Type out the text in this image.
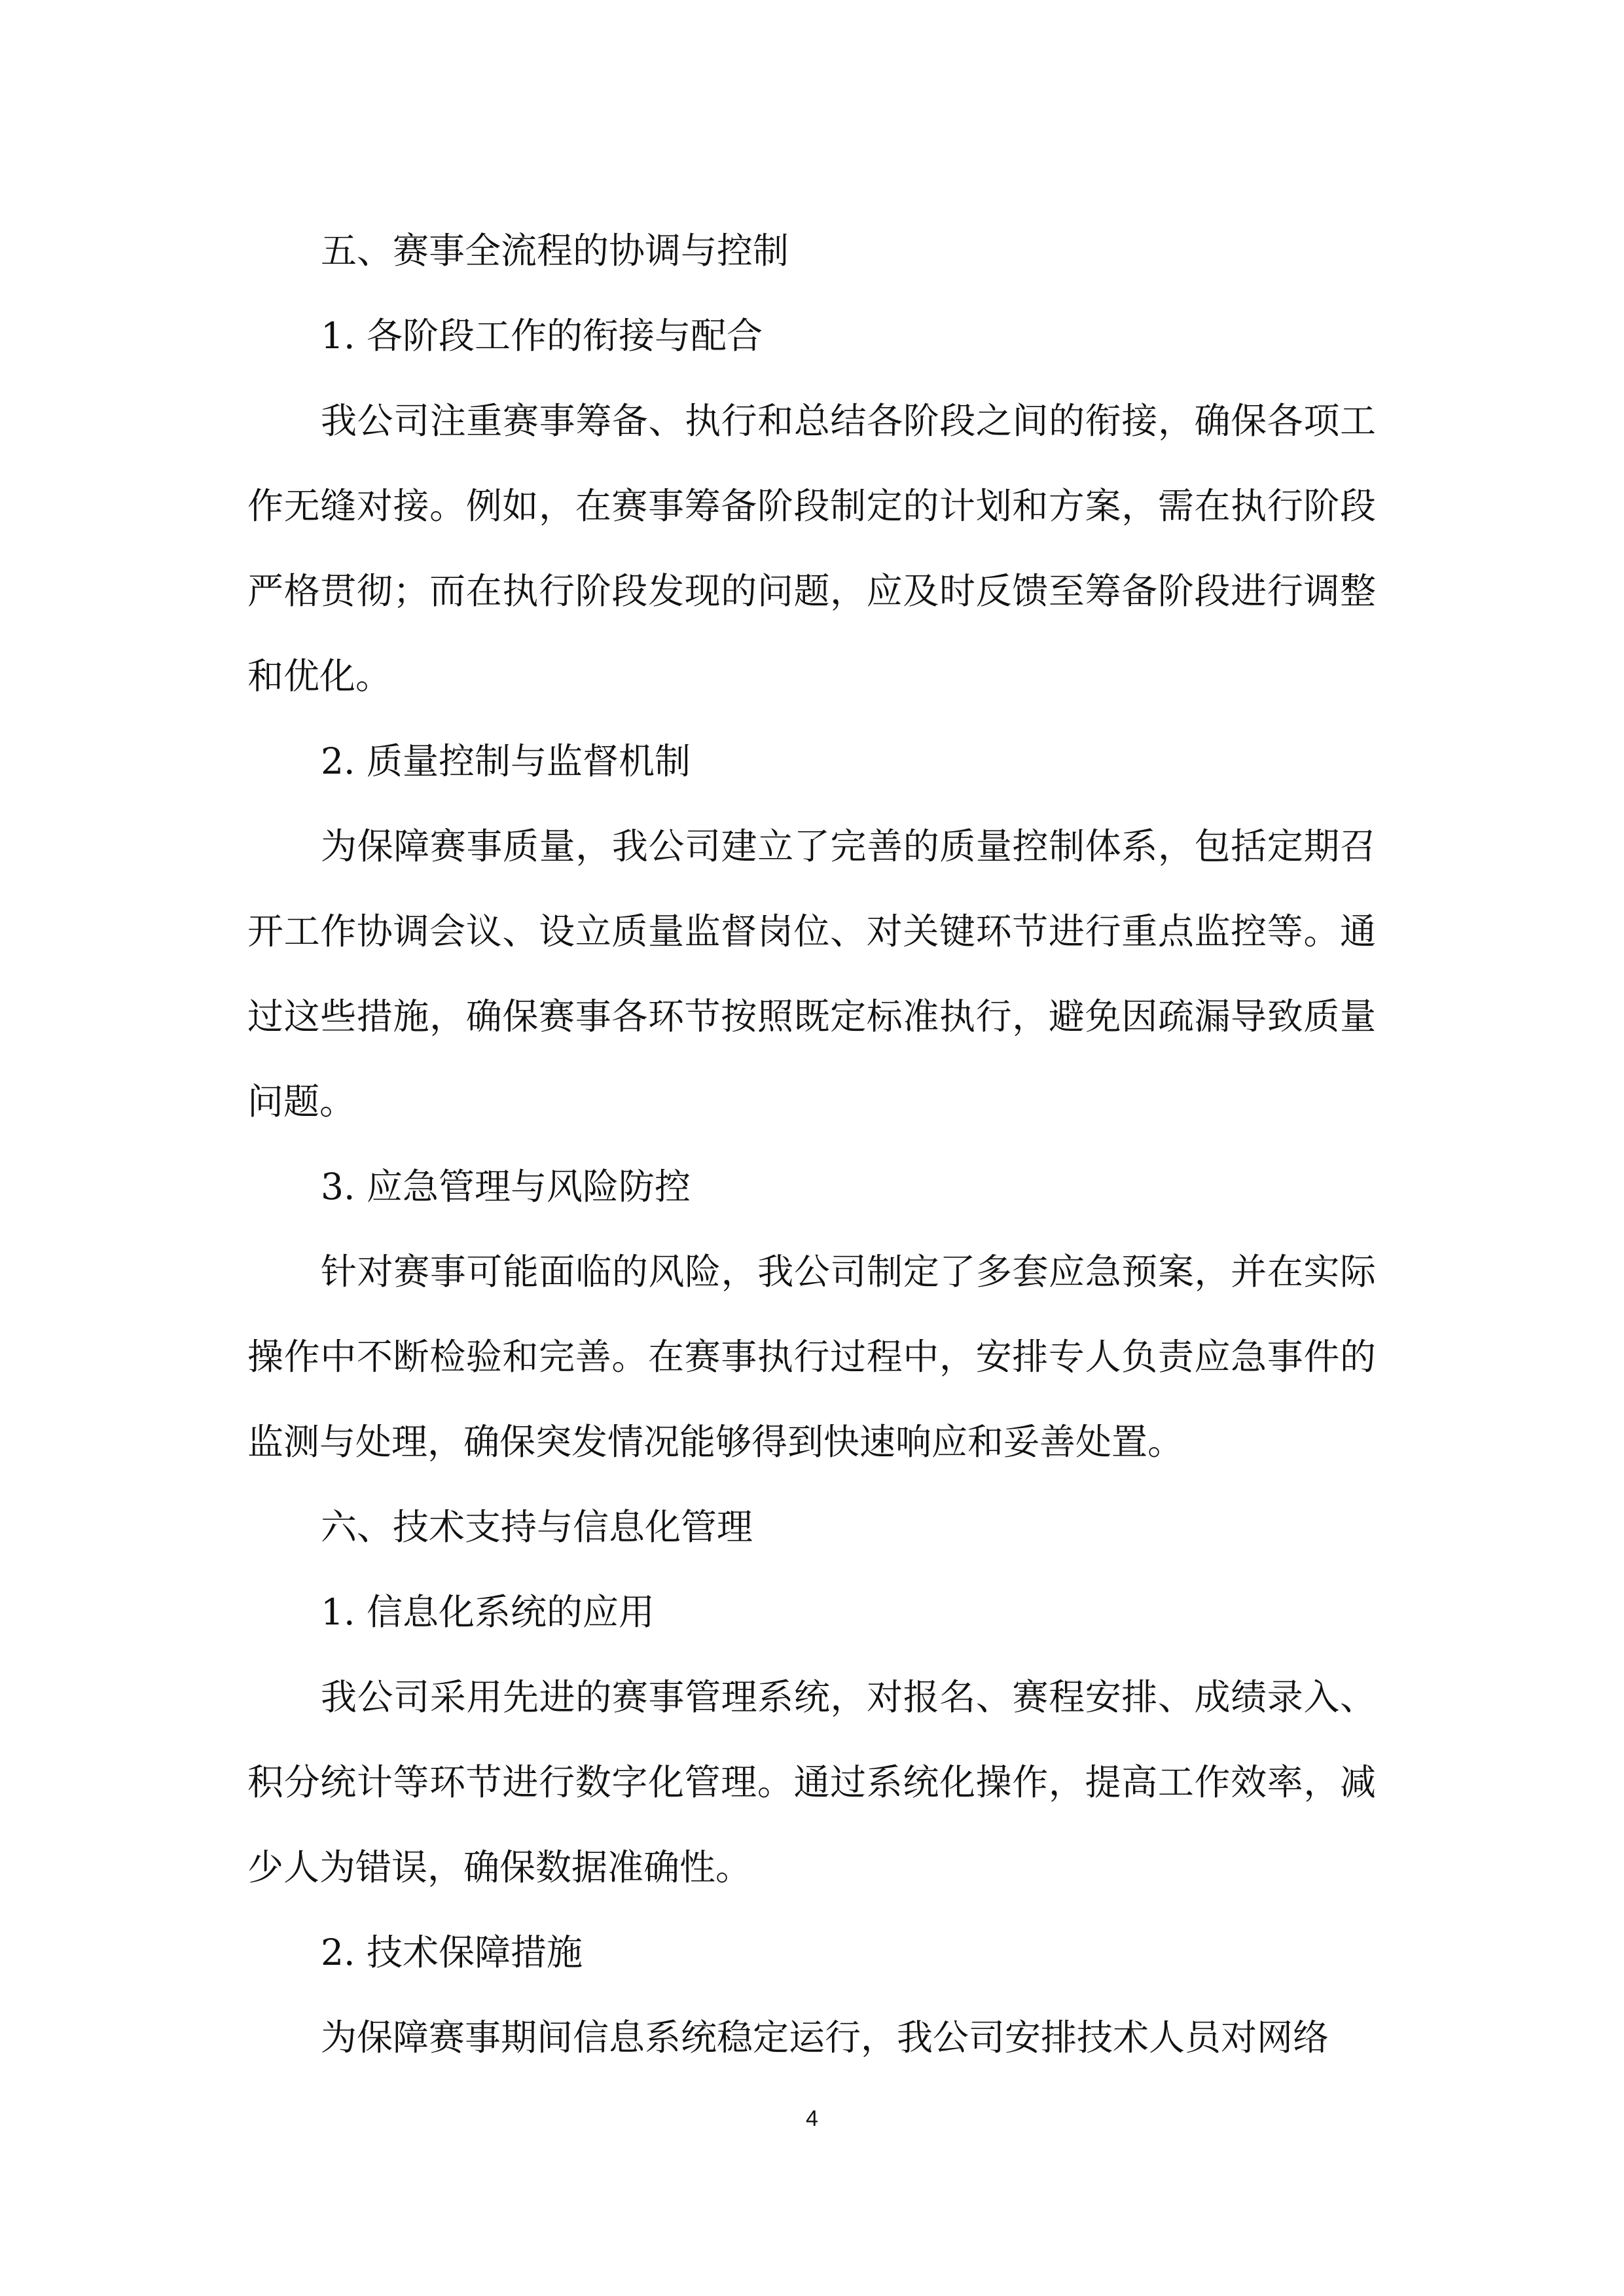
五、赛事全流程的协调与控制

1. 各阶段工作的衔接与配合

我公司注重赛事筹备、执行和总结各阶段之间的衔接，确保各项工作无缝对接。例如，在赛事筹备阶段制定的计划和方案，需在执行阶段严格贯彻；而在执行阶段发现的问题，应及时反馈至筹备阶段进行调整和优化。

2. 质量控制与监督机制

为保障赛事质量，我公司建立了完善的质量控制体系，包括定期召开工作协调会议、设立质量监督岗位、对关键环节进行重点监控等。通过这些措施，确保赛事各环节按照既定标准执行，避免因疏漏导致质量问题。

3. 应急管理与风险防控

针对赛事可能面临的风险，我公司制定了多套应急预案，并在实际操作中不断检验和完善。在赛事执行过程中，安排专人负责应急事件的监测与处理，确保突发情况能够得到快速响应和妥善处置。

六、技术支持与信息化管理

1. 信息化系统的应用

我公司采用先进的赛事管理系统，对报名、赛程安排、成绩录入、积分统计等环节进行数字化管理。通过系统化操作，提高工作效率，减少人为错误，确保数据准确性。

2. 技术保障措施

为保障赛事期间信息系统稳定运行，我公司安排技术人员对网络

4
